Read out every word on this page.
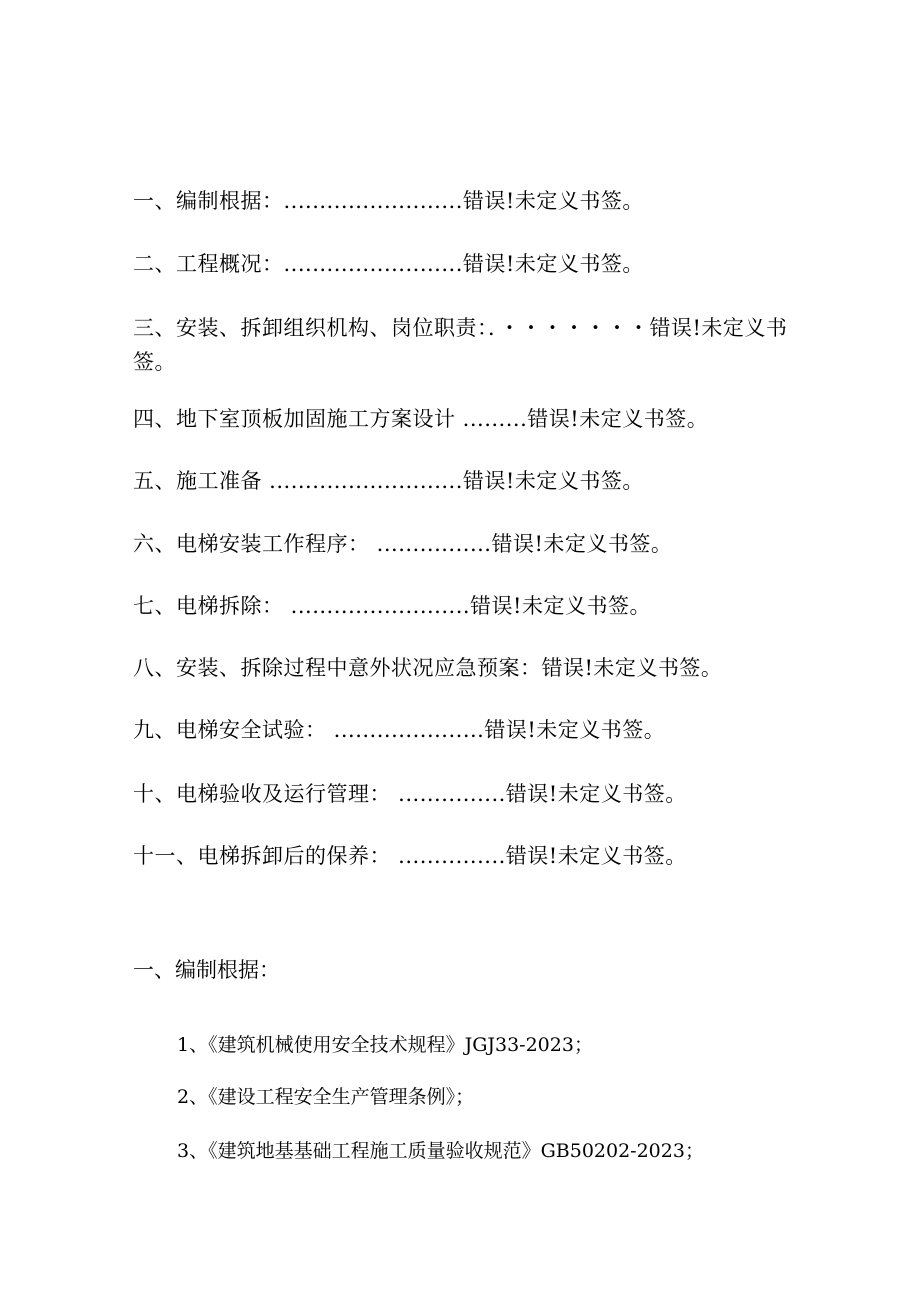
一、编制根据：.........................错误!未定义书签。
二、工程概况：.........................错误!未定义书签。
三、安装、拆卸组织机构、岗位职责：．・・・・・・・错误!未定义书签。
四、地下室顶板加固施工方案设计 .........错误!未定义书签。
五、施工准备 ...........................错误!未定义书签。
六、电梯安装工作程序： ................错误!未定义书签。
七、电梯拆除： .........................错误!未定义书签。
八、安装、拆除过程中意外状况应急预案：错误!未定义书签。
九、电梯安全试验： .....................错误!未定义书签。
十、电梯验收及运行管理： ...............错误!未定义书签。
十一、电梯拆卸后的保养： ...............错误!未定义书签。
一、编制根据：
1、《建筑机械使用安全技术规程》JGJ33-2023；
2、《建设工程安全生产管理条例》；
3、《建筑地基基础工程施工质量验收规范》GB50202-2023；
